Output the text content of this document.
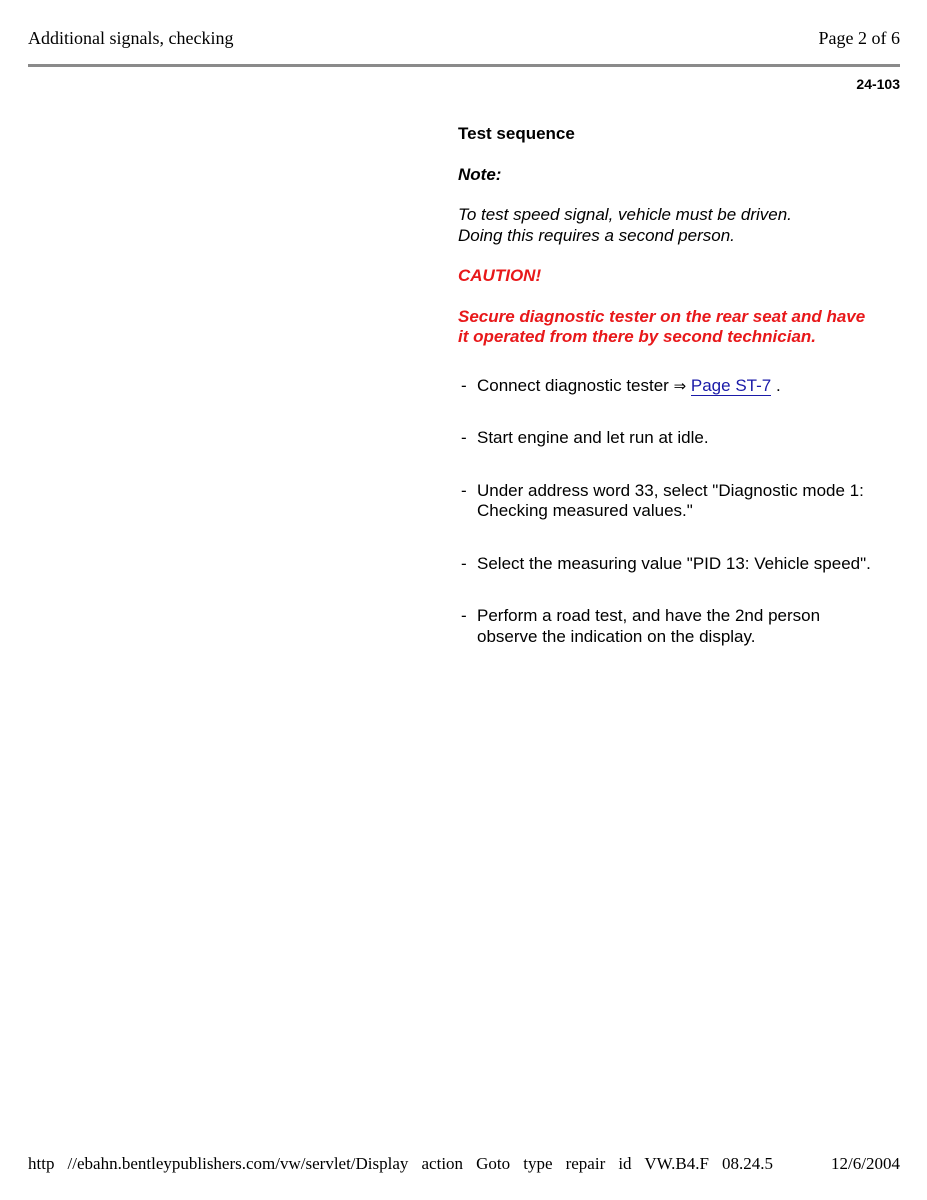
Additional signals, checking	Page 2 of 6
24-103

Test sequence

Note:

To test speed signal, vehicle must be driven.
Doing this requires a second person.

CAUTION!

Secure diagnostic tester on the rear seat and have it operated from there by second technician.

- Connect diagnostic tester ⇒ Page ST-7 .
- Start engine and let run at idle.
- Under address word 33, select "Diagnostic mode 1: Checking measured values."
- Select the measuring value "PID 13: Vehicle speed".
- Perform a road test, and have the 2nd person observe the indication on the display.
http //ebahn.bentleypublishers.com/vw/servlet/Display action Goto type repair id VW.B4.F 08.24.5	12/6/2004
